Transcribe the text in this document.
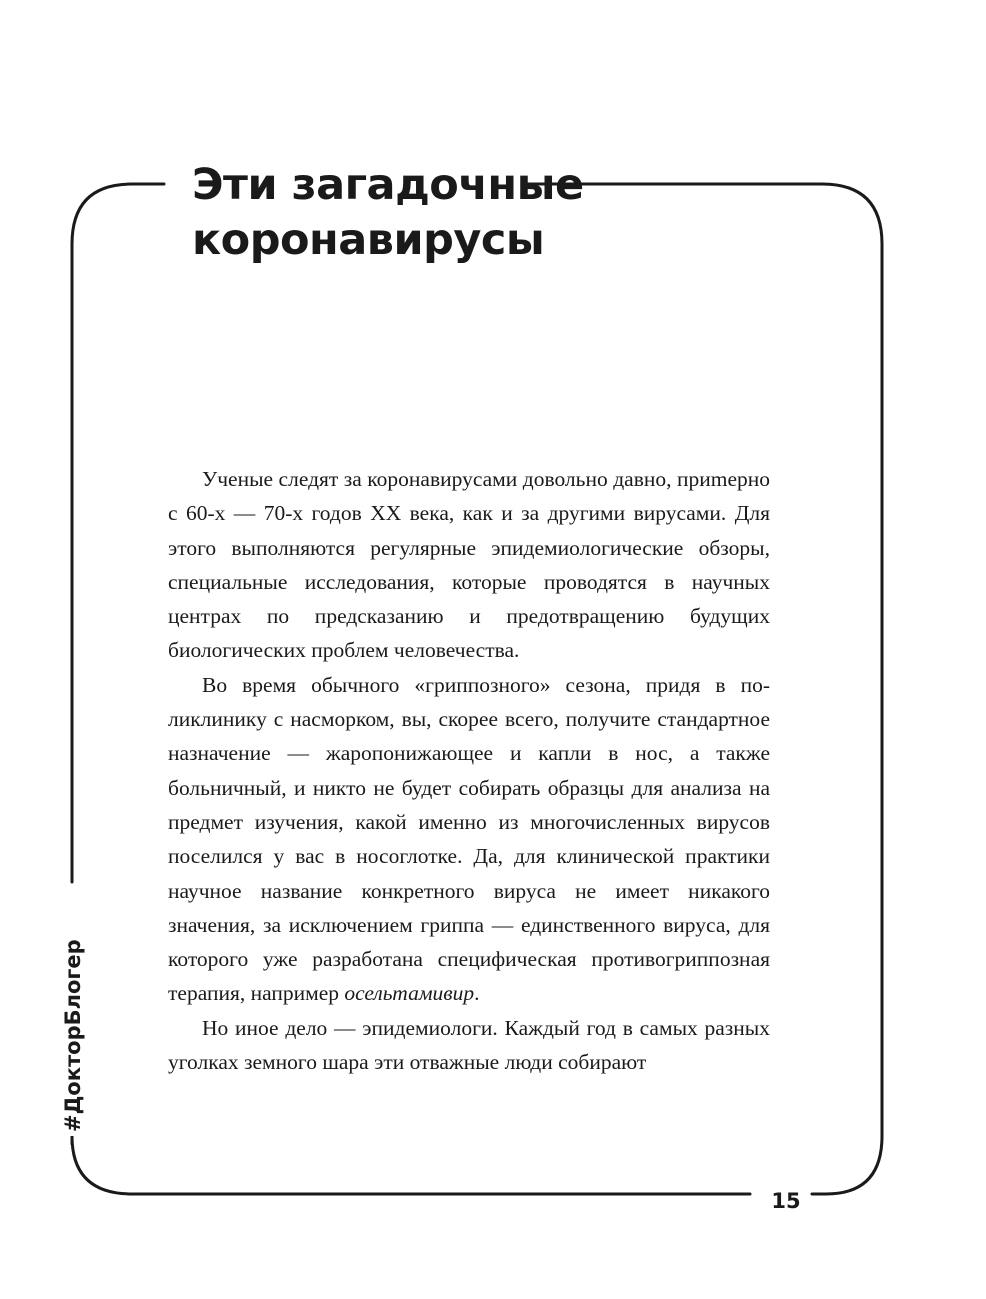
Эти загадочные
коронавирусы

Ученые следят за коронавирусами довольно давно, приmерно с 60-х — 70-х годов XX века, как и за другими вирусами. Для этого выполняются регулярные эпидемиологические обзоры, специальные исследования, которые проводятся в научных центрах по предсказанию и предотвращению будущих биологических проблем человечества.

Во время обычного «гриппозного» сезона, придя в поликлинику с насморком, вы, скорее всего, получите стандартное назначение — жаропонижающее и капли в нос, а также больничный, и никто не будет собирать образцы для анализа на предмет изучения, какой именно из многочисленных вирусов поселился у вас в носоглотке. Да, для клинической практики научное название конкретного вируса не имеет никакого значения, за исключением гриппа — единственного вируса, для которого уже разработана специфическая противогриппозная терапия, например осельтамивир.

Но иное дело — эпидемиологи. Каждый год в самых разных уголках земного шара эти отважные люди собирают

#ДокторБлогер
15
